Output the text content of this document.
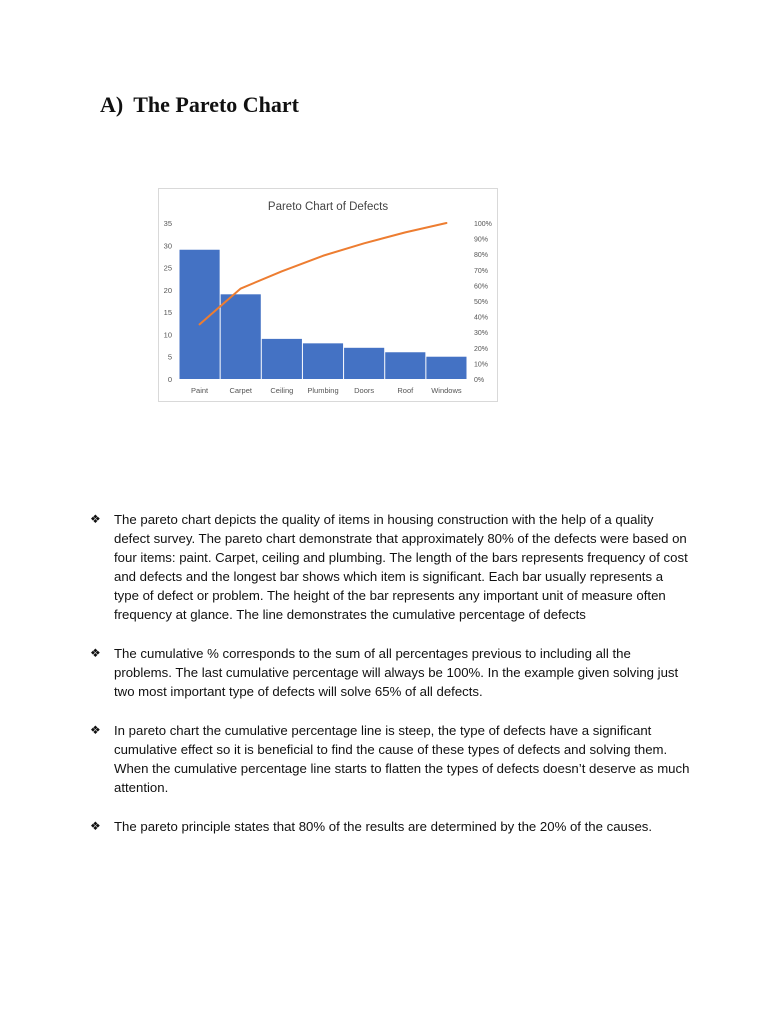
A) The Pareto Chart
Pareto Chart of Defects
0
5
10
15
20
25
30
35
0%
10%
20%
30%
40%
50%
60%
70%
80%
90%
100%
Paint	Carpet Ceiling Plumbing Doors	Roof Windows
❖ The pareto chart depicts the quality of items in housing construction with the help of a quality defect survey. The pareto chart demonstrate that approximately 80% of the defects were based on four items: paint. Carpet, ceiling and plumbing. The length of the bars represents frequency of cost and defects and the longest bar shows which item is significant. Each bar usually represents a type of defect or problem. The height of the bar represents any important unit of measure often frequency at glance. The line demonstrates the cumulative percentage of defects
❖ The cumulative % corresponds to the sum of all percentages previous to including all the problems. The last cumulative percentage will always be 100%. In the example given solving just two most important type of defects will solve 65% of all defects.
❖ In pareto chart the cumulative percentage line is steep, the type of defects have a significant cumulative effect so it is beneficial to find the cause of these types of defects and solving them. When the cumulative percentage line starts to flatten the types of defects doesn’t deserve as much attention.
❖ The pareto principle states that 80% of the results are determined by the 20% of the causes.
